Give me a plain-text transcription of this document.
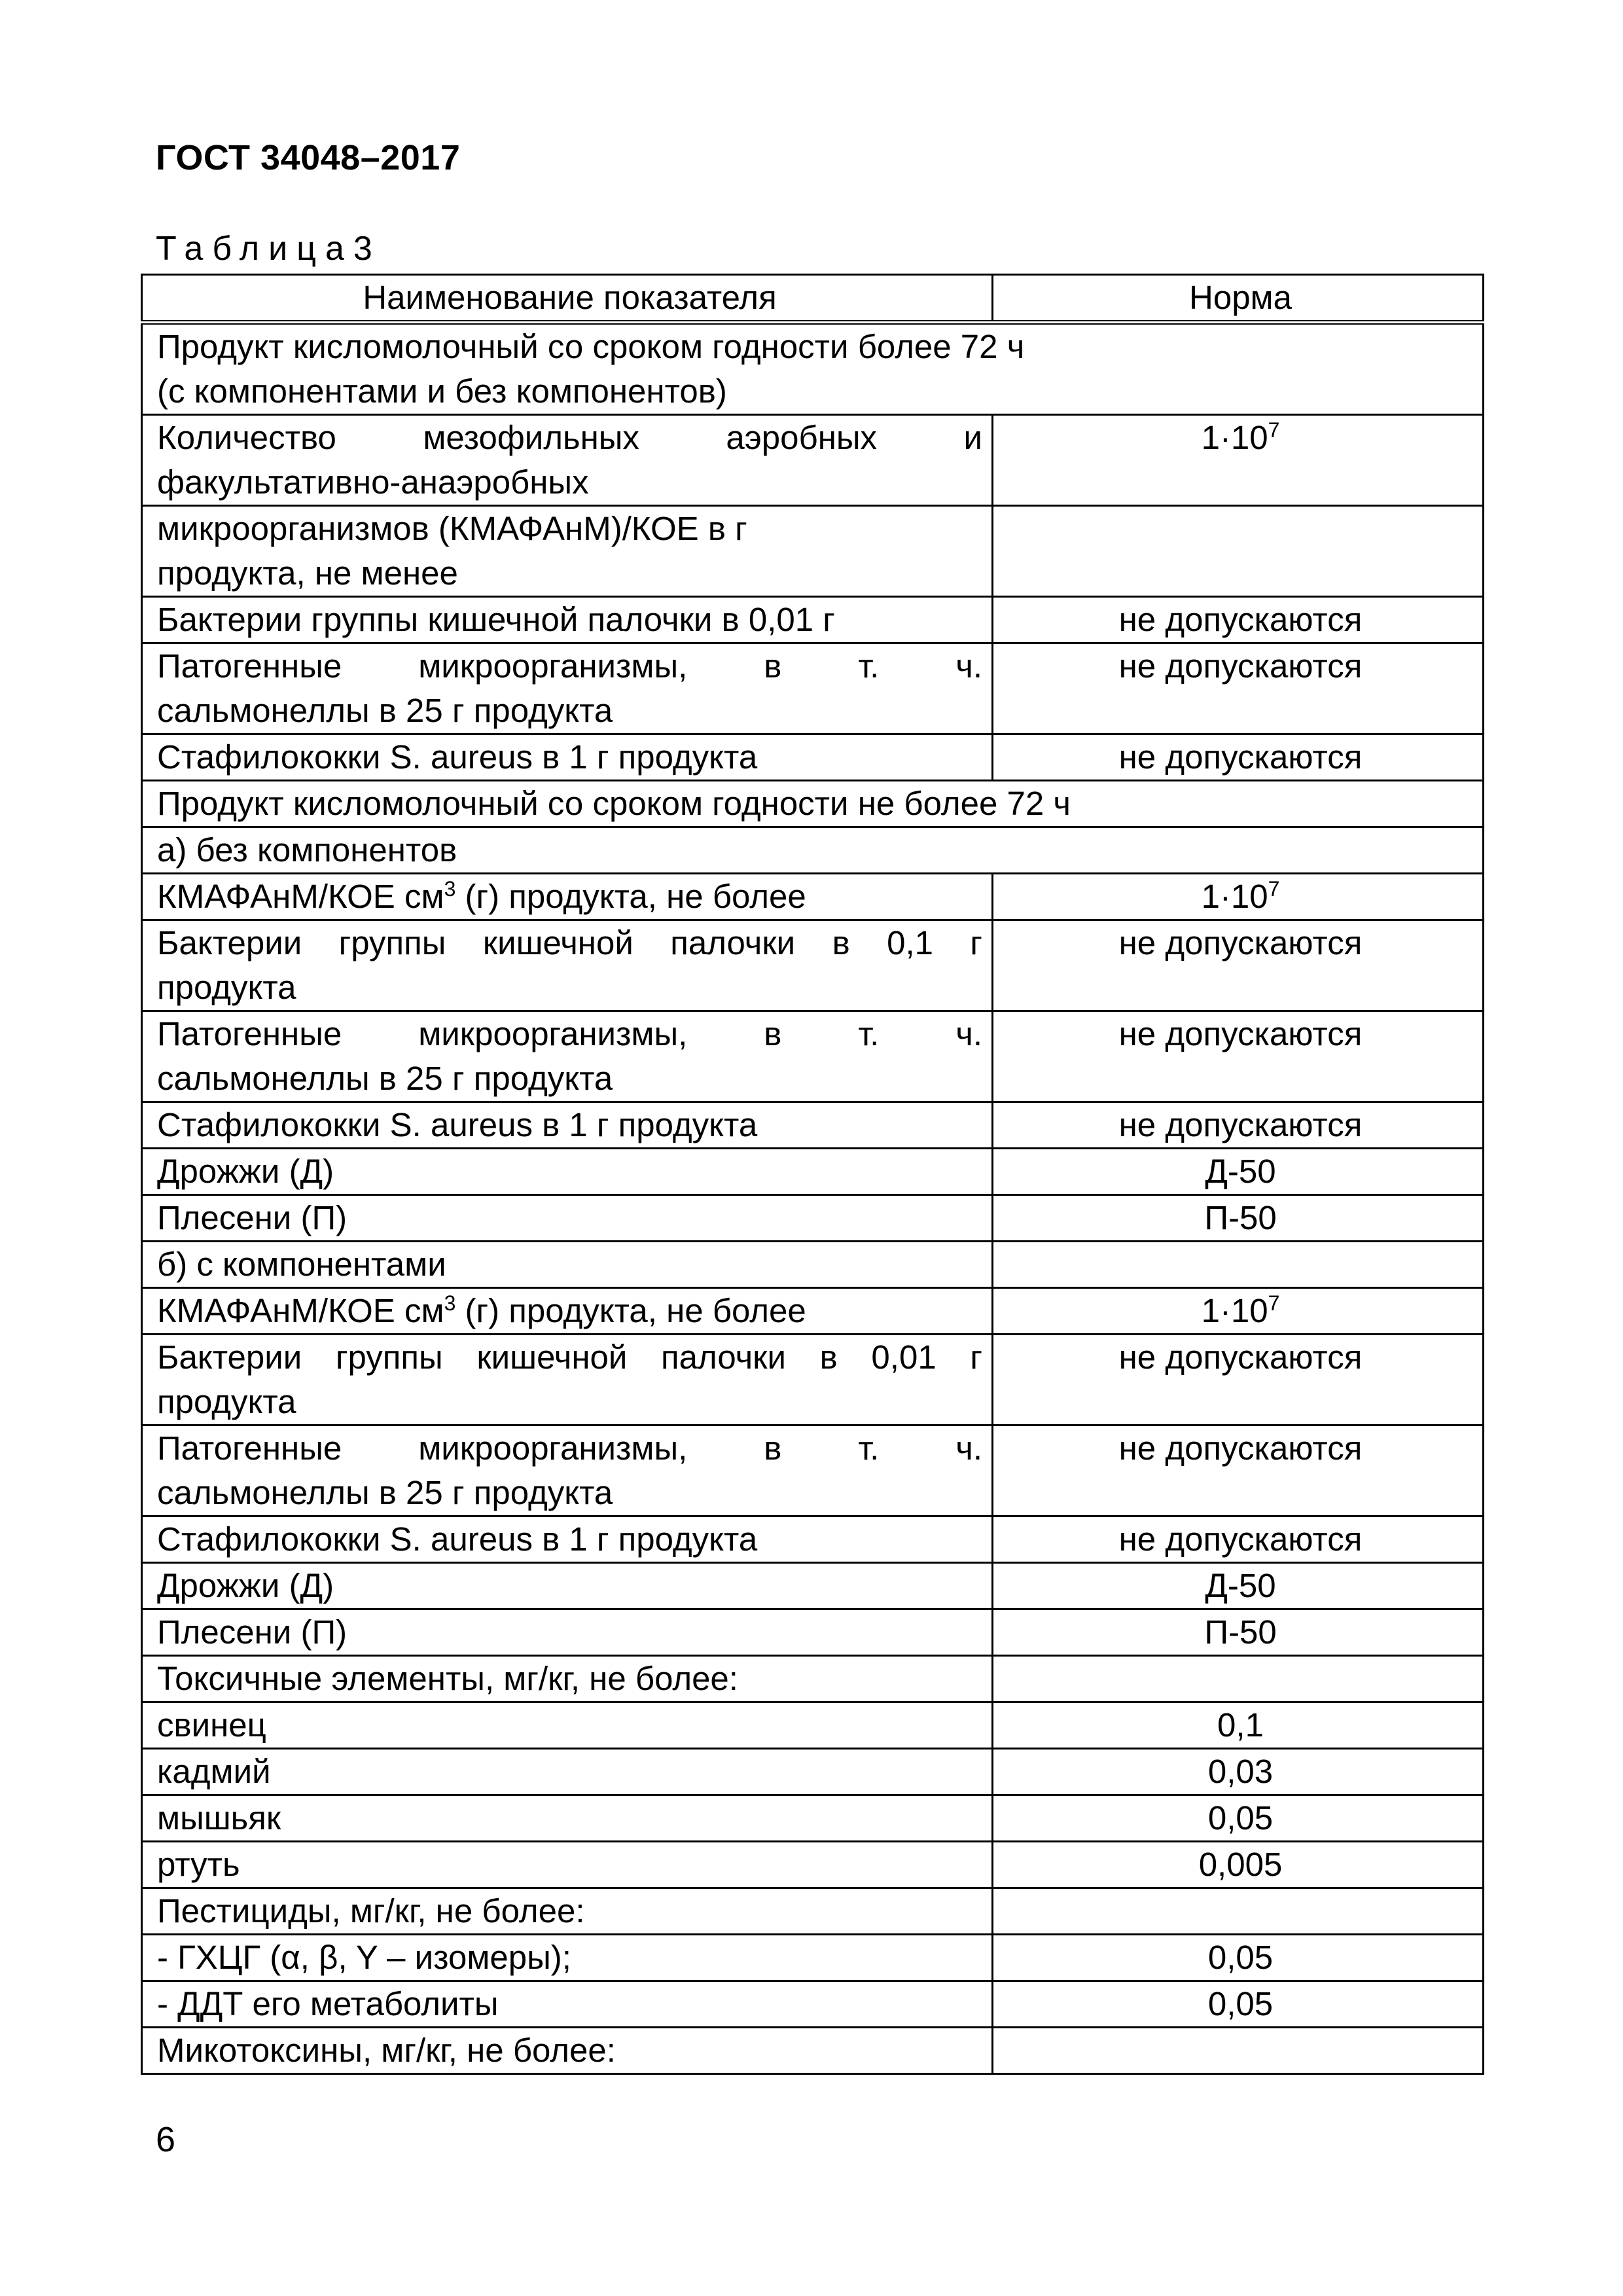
ГОСТ 34048–2017
Таблица3
Наименование показателя	Норма

Продукт кисломолочный со сроком годности более 72 ч
(с компонентами и без компонентов)	

Количество мезофильных аэробных и
факультативно-анаэробных	$1\cdot 10^7$

микроорганизмов (КМАФАнМ)/КОЕ в г
продукта, не менее	

Бактерии группы кишечной палочки в 0,01 г	не допускаются
Патогенные микроорганизмы, в т. ч.
сальмонеллы в 25 г продукта	не допускаются
Стафилококки S. aureus в 1 г продукта	не допускаются

Продукт кисломолочный со сроком годности не более 72 ч	

а) без компонентов	

КМАФАнМ/КОЕ $см^3$ (г) продукта, не более	$1\cdot 10^7$
Бактерии группы кишечной палочки в 0,1 г
продукта	не допускаются
Патогенные микроорганизмы, в т. ч.
сальмонеллы в 25 г продукта	не допускаются
Стафилококки S. aureus в 1 г продукта	не допускаются
Дрожжи (Д)	Д-50
Плесени (П)	П-50
б) с компонентами	
КМАФАнМ/КОЕ $см^3$ (г) продукта, не более	$1\cdot 10^7$
Бактерии группы кишечной палочки в 0,01 г
продукта	не допускаются
Патогенные микроорганизмы, в т. ч.
сальмонеллы в 25 г продукта	не допускаются
Стафилококки S. aureus в 1 г продукта	не допускаются
Дрожжи (Д)	Д-50
Плесени (П)	П-50
Токсичные элементы, мг/кг, не более:	
свинец	0,1
кадмий	0,03
мышьяк	0,05
ртуть	0,005
Пестициды, мг/кг, не более:	
- ГХЦГ (α, β, Υ – изомеры);	0,05
- ДДТ его метаболиты	0,05
Микотоксины, мг/кг, не более:	
6
